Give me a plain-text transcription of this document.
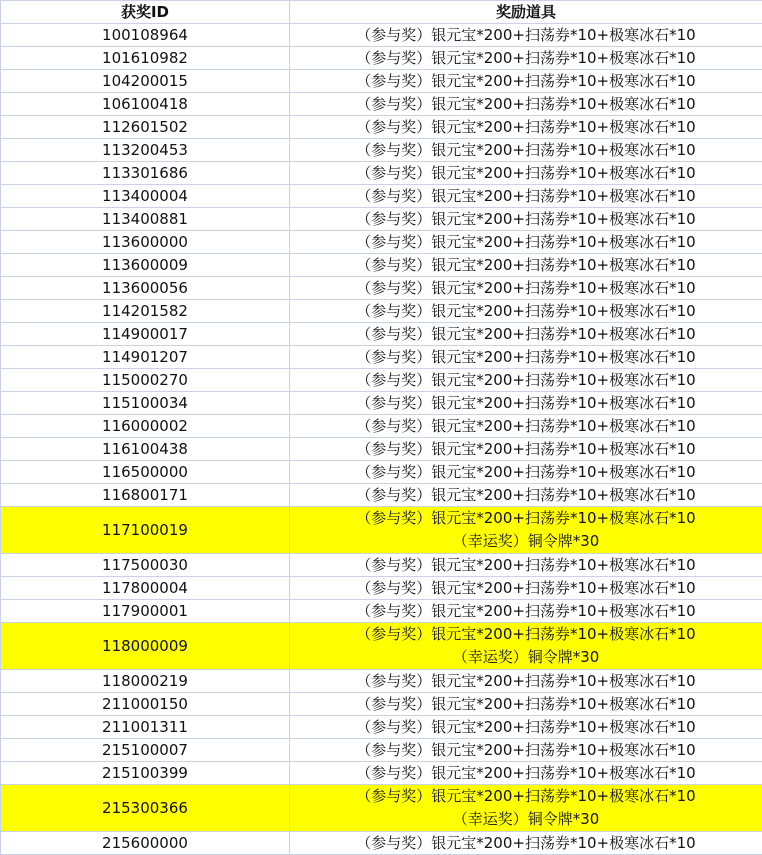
获奖ID	奖励道具
100108964	（参与奖）银元宝*200+扫荡券*10+极寒冰石*10

101610982	（参与奖）银元宝*200+扫荡券*10+极寒冰石*10

104200015	（参与奖）银元宝*200+扫荡券*10+极寒冰石*10

106100418	（参与奖）银元宝*200+扫荡券*10+极寒冰石*10

112601502	（参与奖）银元宝*200+扫荡券*10+极寒冰石*10

113200453	（参与奖）银元宝*200+扫荡券*10+极寒冰石*10

113301686	（参与奖）银元宝*200+扫荡券*10+极寒冰石*10

113400004	（参与奖）银元宝*200+扫荡券*10+极寒冰石*10

113400881	（参与奖）银元宝*200+扫荡券*10+极寒冰石*10

113600000	（参与奖）银元宝*200+扫荡券*10+极寒冰石*10

113600009	（参与奖）银元宝*200+扫荡券*10+极寒冰石*10

113600056	（参与奖）银元宝*200+扫荡券*10+极寒冰石*10

114201582	（参与奖）银元宝*200+扫荡券*10+极寒冰石*10

114900017	（参与奖）银元宝*200+扫荡券*10+极寒冰石*10

114901207	（参与奖）银元宝*200+扫荡券*10+极寒冰石*10

115000270	（参与奖）银元宝*200+扫荡券*10+极寒冰石*10

115100034	（参与奖）银元宝*200+扫荡券*10+极寒冰石*10

116000002	（参与奖）银元宝*200+扫荡券*10+极寒冰石*10

116100438	（参与奖）银元宝*200+扫荡券*10+极寒冰石*10

116500000	（参与奖）银元宝*200+扫荡券*10+极寒冰石*10

116800171	（参与奖）银元宝*200+扫荡券*10+极寒冰石*10

117100019	（参与奖）银元宝*200+扫荡券*10+极寒冰石*10
（幸运奖）铜令牌*30

117500030	（参与奖）银元宝*200+扫荡券*10+极寒冰石*10

117800004	（参与奖）银元宝*200+扫荡券*10+极寒冰石*10

117900001	（参与奖）银元宝*200+扫荡券*10+极寒冰石*10

118000009	（参与奖）银元宝*200+扫荡券*10+极寒冰石*10
（幸运奖）铜令牌*30

118000219	（参与奖）银元宝*200+扫荡券*10+极寒冰石*10

211000150	（参与奖）银元宝*200+扫荡券*10+极寒冰石*10

211001311	（参与奖）银元宝*200+扫荡券*10+极寒冰石*10

215100007	（参与奖）银元宝*200+扫荡券*10+极寒冰石*10

215100399	（参与奖）银元宝*200+扫荡券*10+极寒冰石*10

215300366	（参与奖）银元宝*200+扫荡券*10+极寒冰石*10
（幸运奖）铜令牌*30

215600000	（参与奖）银元宝*200+扫荡券*10+极寒冰石*10
